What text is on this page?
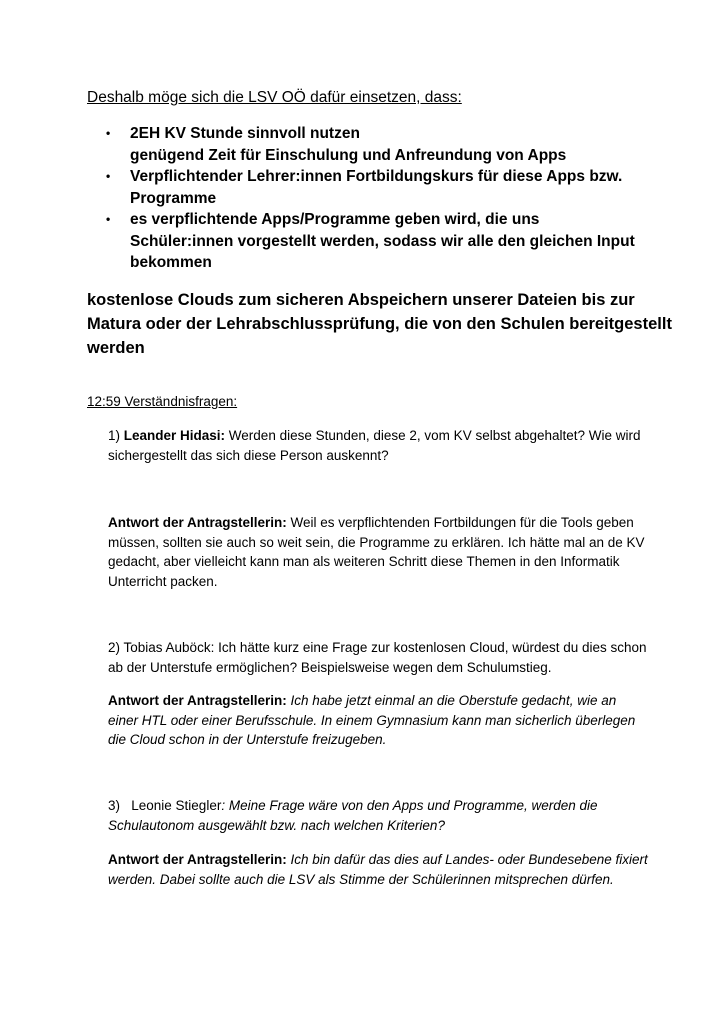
Deshalb möge sich die LSV OÖ dafür einsetzen, dass:
• 2EH KV Stunde sinnvoll nutzen
genügend Zeit für Einschulung und Anfreundung von Apps
• Verpflichtender Lehrer:innen Fortbildungskurs für diese Apps bzw.
Programme
• es verpflichtende Apps/Programme geben wird, die uns
Schüler:innen vorgestellt werden, sodass wir alle den gleichen Input
bekommen
kostenlose Clouds zum sicheren Abspeichern unserer Dateien bis zur
Matura oder der Lehrabschlussprüfung, die von den Schulen bereitgestellt
werden
12:59 Verständnisfragen:
1) Leander Hidasi: Werden diese Stunden, diese 2, vom KV selbst abgehaltet? Wie wird
sichergestellt das sich diese Person auskennt?
Antwort der Antragstellerin: Weil es verpflichtenden Fortbildungen für die Tools geben
müssen, sollten sie auch so weit sein, die Programme zu erklären. Ich hätte mal an de KV
gedacht, aber vielleicht kann man als weiteren Schritt diese Themen in den Informatik
Unterricht packen.
2) Tobias Auböck: Ich hätte kurz eine Frage zur kostenlosen Cloud, würdest du dies schon
ab der Unterstufe ermöglichen? Beispielsweise wegen dem Schulumstieg.
Antwort der Antragstellerin: Ich habe jetzt einmal an die Oberstufe gedacht, wie an
einer HTL oder einer Berufsschule. In einem Gymnasium kann man sicherlich überlegen
die Cloud schon in der Unterstufe freizugeben.
3)   Leonie Stiegler: Meine Frage wäre von den Apps und Programme, werden die
Schulautonom ausgewählt bzw. nach welchen Kriterien?
Antwort der Antragstellerin: Ich bin dafür das dies auf Landes- oder Bundesebene fixiert
werden. Dabei sollte auch die LSV als Stimme der Schülerinnen mitsprechen dürfen.
